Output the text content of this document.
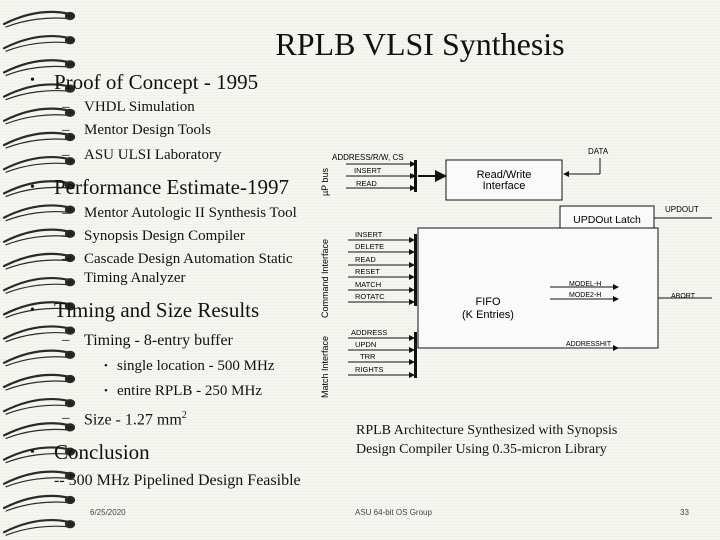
RPLB VLSI Synthesis
• Proof of Concept - 1995
– VHDL Simulation
– Mentor Design Tools
– ASU ULSI Laboratory
• Performance Estimate-1997
– Mentor Autologic II Synthesis Tool
– Synopsis Design Compiler
– Cascade Design Automation Static
Timing Analyzer
• Timing and Size Results
– Timing - 8-entry buffer
• single location - 500 MHz
• entire RPLB - 250 MHz
– Size - 1.27 $mm^2$
• Conclusion
-- 500 MHz Pipelined Design Feasible
µP bus
Command Interface
Match Interface
ADDRESS/R/W, CS
INSERT
READ
Read/Write
Interface
DATA
UPDOut Latch
UPDOUT
INSERT
DELETE
READ
RESET
MATCH
ROTATC	FIFO
(K Entries)
MODEL-H
MODE2-H	ABORT
ADDRESS
UPDN
TRR
RIGHTS
ADDRESSHIT
RPLB Architecture Synthesized with Synopsis
Design Compiler Using 0.35-micron Library
6/25/2020	ASU 64-bit OS Group	33
